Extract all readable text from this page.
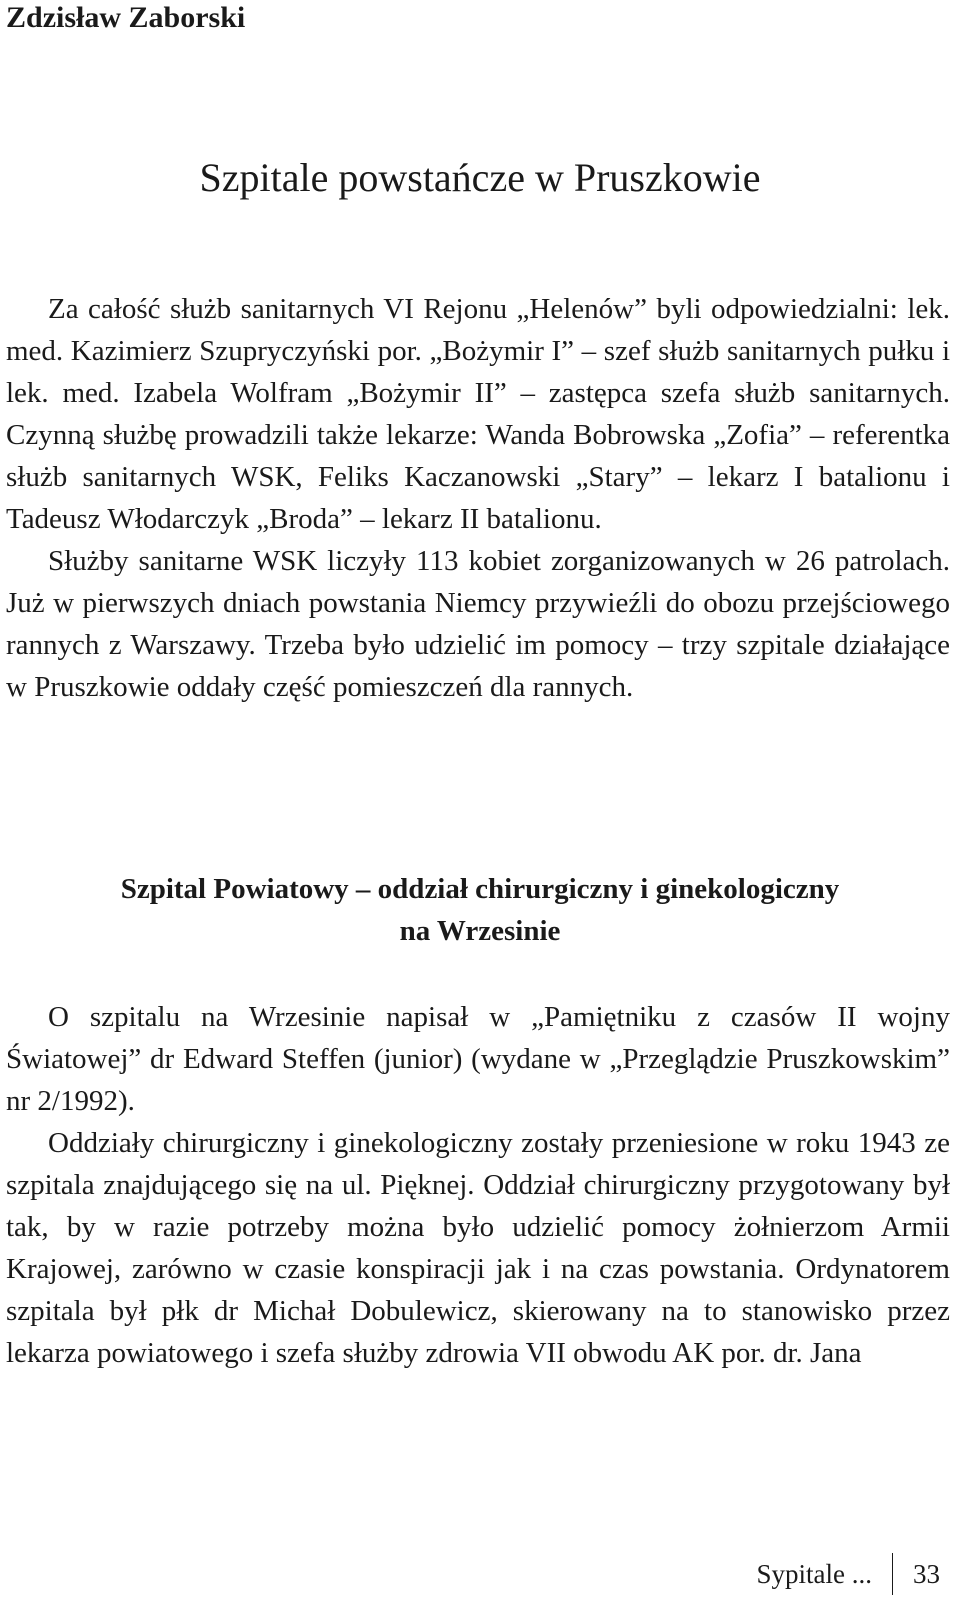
Zdzisław Zaborski
Szpitale powstańcze w Pruszkowie

Za całość służb sanitarnych VI Rejonu „Helenów” byli odpowiedzialni: lek. med. Kazimierz Szupryczyński por. „Bożymir I” – szef służb sanitarnych pułku i lek. med. Izabela Wolfram „Bożymir II” – zastępca szefa służb sanitarnych. Czynną służbę prowadzili także lekarze: Wanda Bobrowska „Zofia” – referentka służb sanitarnych WSK, Feliks Kaczanowski „Stary” – lekarz I batalionu i Tadeusz Włodarczyk „Broda” – lekarz II batalionu.

Służby sanitarne WSK liczyły 113 kobiet zorganizowanych w 26 patrolach. Już w pierwszych dniach powstania Niemcy przywieźli do obozu przejściowego rannych z Warszawy. Trzeba było udzielić im pomocy – trzy szpitale działające w Pruszkowie oddały część pomieszczeń dla rannych.

Szpital Powiatowy – oddział chirurgiczny i ginekologiczny
na Wrzesinie

O szpitalu na Wrzesinie napisał w „Pamiętniku z czasów II wojny Światowej” dr Edward Steffen (junior) (wydane w „Przeglądzie Pruszkowskim” nr 2/1992).

Oddziały chirurgiczny i ginekologiczny zostały przeniesione w roku 1943 ze szpitala znajdującego się na ul. Pięknej. Oddział chirurgiczny przygotowany był tak, by w razie potrzeby można było udzielić pomocy żołnierzom Armii Krajowej, zarówno w czasie konspiracji jak i na czas powstania. Ordynatorem szpitala był płk dr Michał Dobulewicz, skierowany na to stanowisko przez lekarza powiatowego i szefa służby zdrowia VII obwodu AK por. dr. Jana

Sypitale ...	33
